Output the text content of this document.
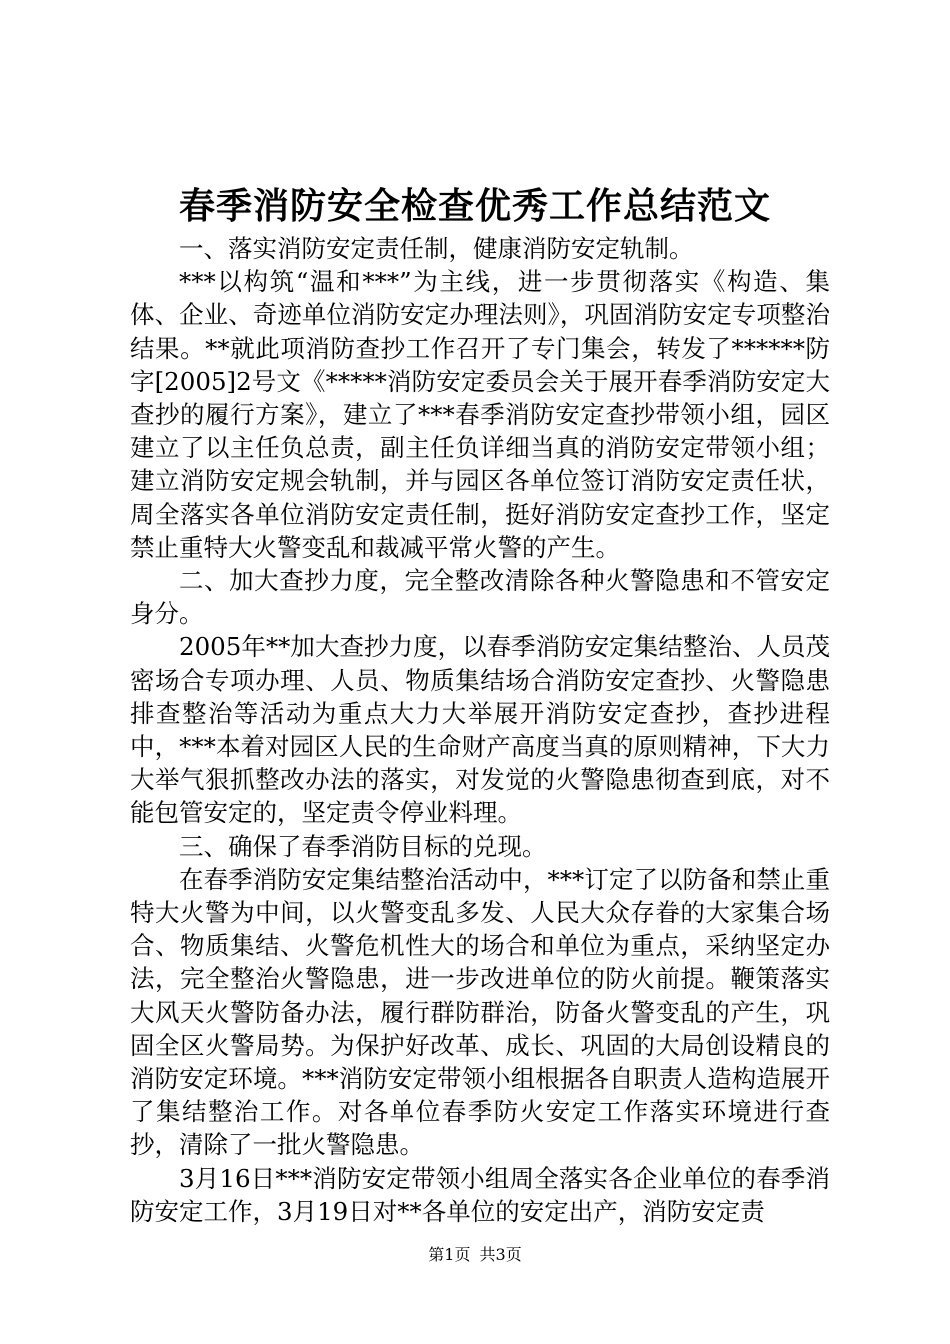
春季消防安全检查优秀工作总结范文

一、落实消防安定责任制，健康消防安定轨制。

***以构筑“温和***”为主线，进一步贯彻落实《构造、集体、企业、奇迹单位消防安定办理法则》，巩固消防安定专项整治结果。**就此项消防查抄工作召开了专门集会，转发了******防字[2005]2号文《*****消防安定委员会关于展开春季消防安定大查抄的履行方案》，建立了***春季消防安定查抄带领小组，园区建立了以主任负总责，副主任负详细当真的消防安定带领小组；建立消防安定规会轨制，并与园区各单位签订消防安定责任状，周全落实各单位消防安定责任制，挺好消防安定查抄工作，坚定禁止重特大火警变乱和裁减平常火警的产生。

二、加大查抄力度，完全整改清除各种火警隐患和不管安定身分。

2005年**加大查抄力度，以春季消防安定集结整治、人员茂密场合专项办理、人员、物质集结场合消防安定查抄、火警隐患排查整治等活动为重点大力大举展开消防安定查抄，查抄进程中，***本着对园区人民的生命财产高度当真的原则精神，下大力大举气狠抓整改办法的落实，对发觉的火警隐患彻查到底，对不能包管安定的，坚定责令停业料理。

三、确保了春季消防目标的兑现。

在春季消防安定集结整治活动中，***订定了以防备和禁止重特大火警为中间，以火警变乱多发、人民大众存眷的大家集合场合、物质集结、火警危机性大的场合和单位为重点，采纳坚定办法，完全整治火警隐患，进一步改进单位的防火前提。鞭策落实大风天火警防备办法，履行群防群治，防备火警变乱的产生，巩固全区火警局势。为保护好改革、成长、巩固的大局创设精良的消防安定环境。***消防安定带领小组根据各自职责人造构造展开了集结整治工作。对各单位春季防火安定工作落实环境进行查抄，清除了一批火警隐患。

3月16日***消防安定带领小组周全落实各企业单位的春季消防安定工作，3月19日对**各单位的安定出产，消防安定责

第1页 共3页
